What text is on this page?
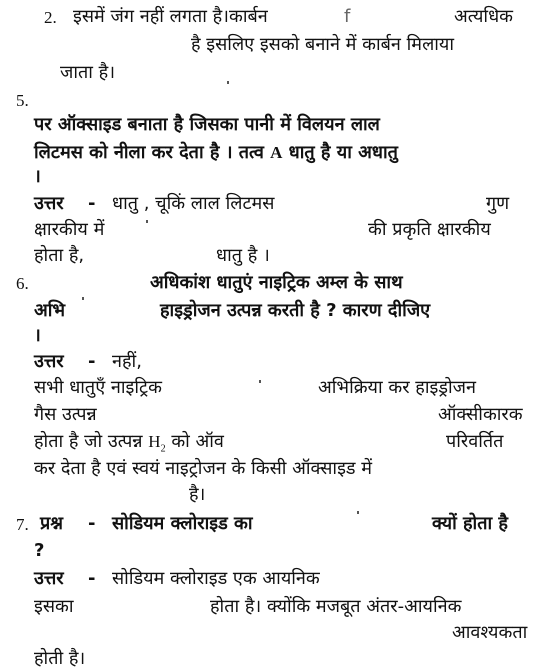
2. इसमें जंग नहीं लगता है।कार्बन	f	अत्यधिक
है इसलिए इसको बनाने में कार्बन मिलाया
जाता है।
5.
पर ऑक्साइड बनाता है जिसका पानी में विलयन लाल
लिटमस को नीला कर देता है । तत्व A धातु है या अधातु
।
उत्तर - धातु , चूकिं लाल लिटमस	गुण
क्षारकीय में	की प्रकृति क्षारकीय
होता है,	धातु है ।
6.	अधिकांश धातुएं नाइट्रिक अम्ल के साथ
अभि	हाइड्रोजन उत्पन्न करती है ? कारण दीजिए
।
उत्तर - नहीं,
सभी धातुएँ नाइट्रिक	अभिक्रिया कर हाइड्रोजन
गैस उत्पन्न	ऑक्सीकारक
होता है जो उत्पन्न $H_2$ को ऑव	परिवर्तित
कर देता है एवं स्वयं नाइट्रोजन के किसी ऑक्साइड में
है।
7. प्रश्न - सोडियम क्लोराइड का	क्यों होता है
?
उत्तर - सोडियम क्लोराइड एक आयनिक
इसका	होता है। क्योंकि मजबूत अंतर-आयनिक
आवश्यकता
होती है।
